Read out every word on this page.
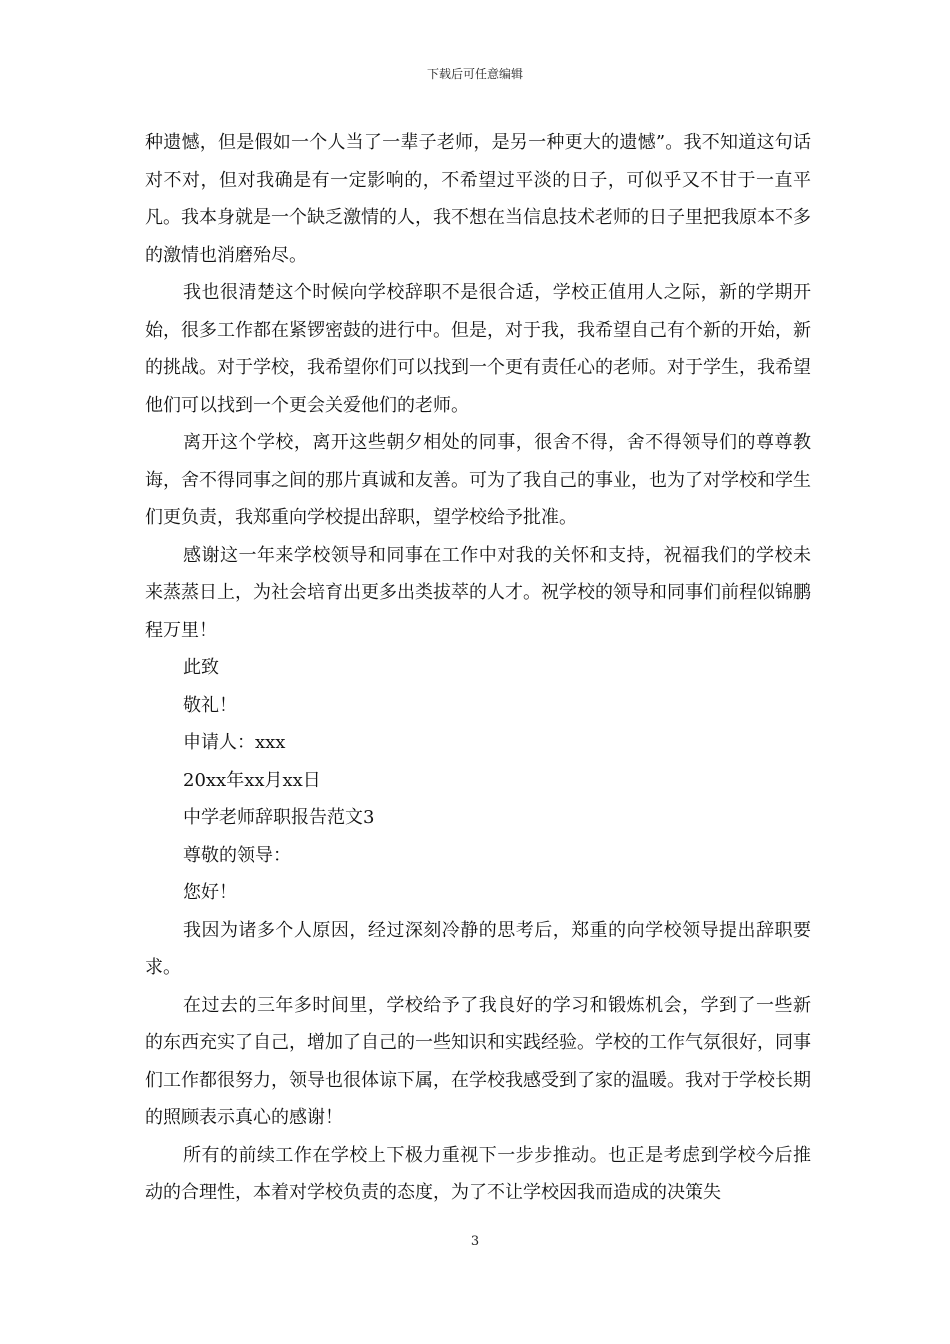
下载后可任意编辑

种遗憾，但是假如一个人当了一辈子老师，是另一种更大的遗憾”。我不知道这句话对不对，但对我确是有一定影响的，不希望过平淡的日子，可似乎又不甘于一直平凡。我本身就是一个缺乏激情的人，我不想在当信息技术老师的日子里把我原本不多的激情也消磨殆尽。

我也很清楚这个时候向学校辞职不是很合适，学校正值用人之际，新的学期开始，很多工作都在紧锣密鼓的进行中。但是，对于我，我希望自己有个新的开始，新的挑战。对于学校，我希望你们可以找到一个更有责任心的老师。对于学生，我希望他们可以找到一个更会关爱他们的老师。

离开这个学校，离开这些朝夕相处的同事，很舍不得，舍不得领导们的尊尊教诲，舍不得同事之间的那片真诚和友善。可为了我自己的事业，也为了对学校和学生们更负责，我郑重向学校提出辞职，望学校给予批准。

感谢这一年来学校领导和同事在工作中对我的关怀和支持，祝福我们的学校未来蒸蒸日上，为社会培育出更多出类拔萃的人才。祝学校的领导和同事们前程似锦鹏程万里！

此致

敬礼！

申请人：xxx

20xx年xx月xx日

中学老师辞职报告范文3

尊敬的领导：

您好！

我因为诸多个人原因，经过深刻冷静的思考后，郑重的向学校领导提出辞职要求。

在过去的三年多时间里，学校给予了我良好的学习和锻炼机会，学到了一些新的东西充实了自己，增加了自己的一些知识和实践经验。学校的工作气氛很好，同事们工作都很努力，领导也很体谅下属，在学校我感受到了家的温暖。我对于学校长期的照顾表示真心的感谢！

所有的前续工作在学校上下极力重视下一步步推动。也正是考虑到学校今后推动的合理性，本着对学校负责的态度，为了不让学校因我而造成的决策失

3
